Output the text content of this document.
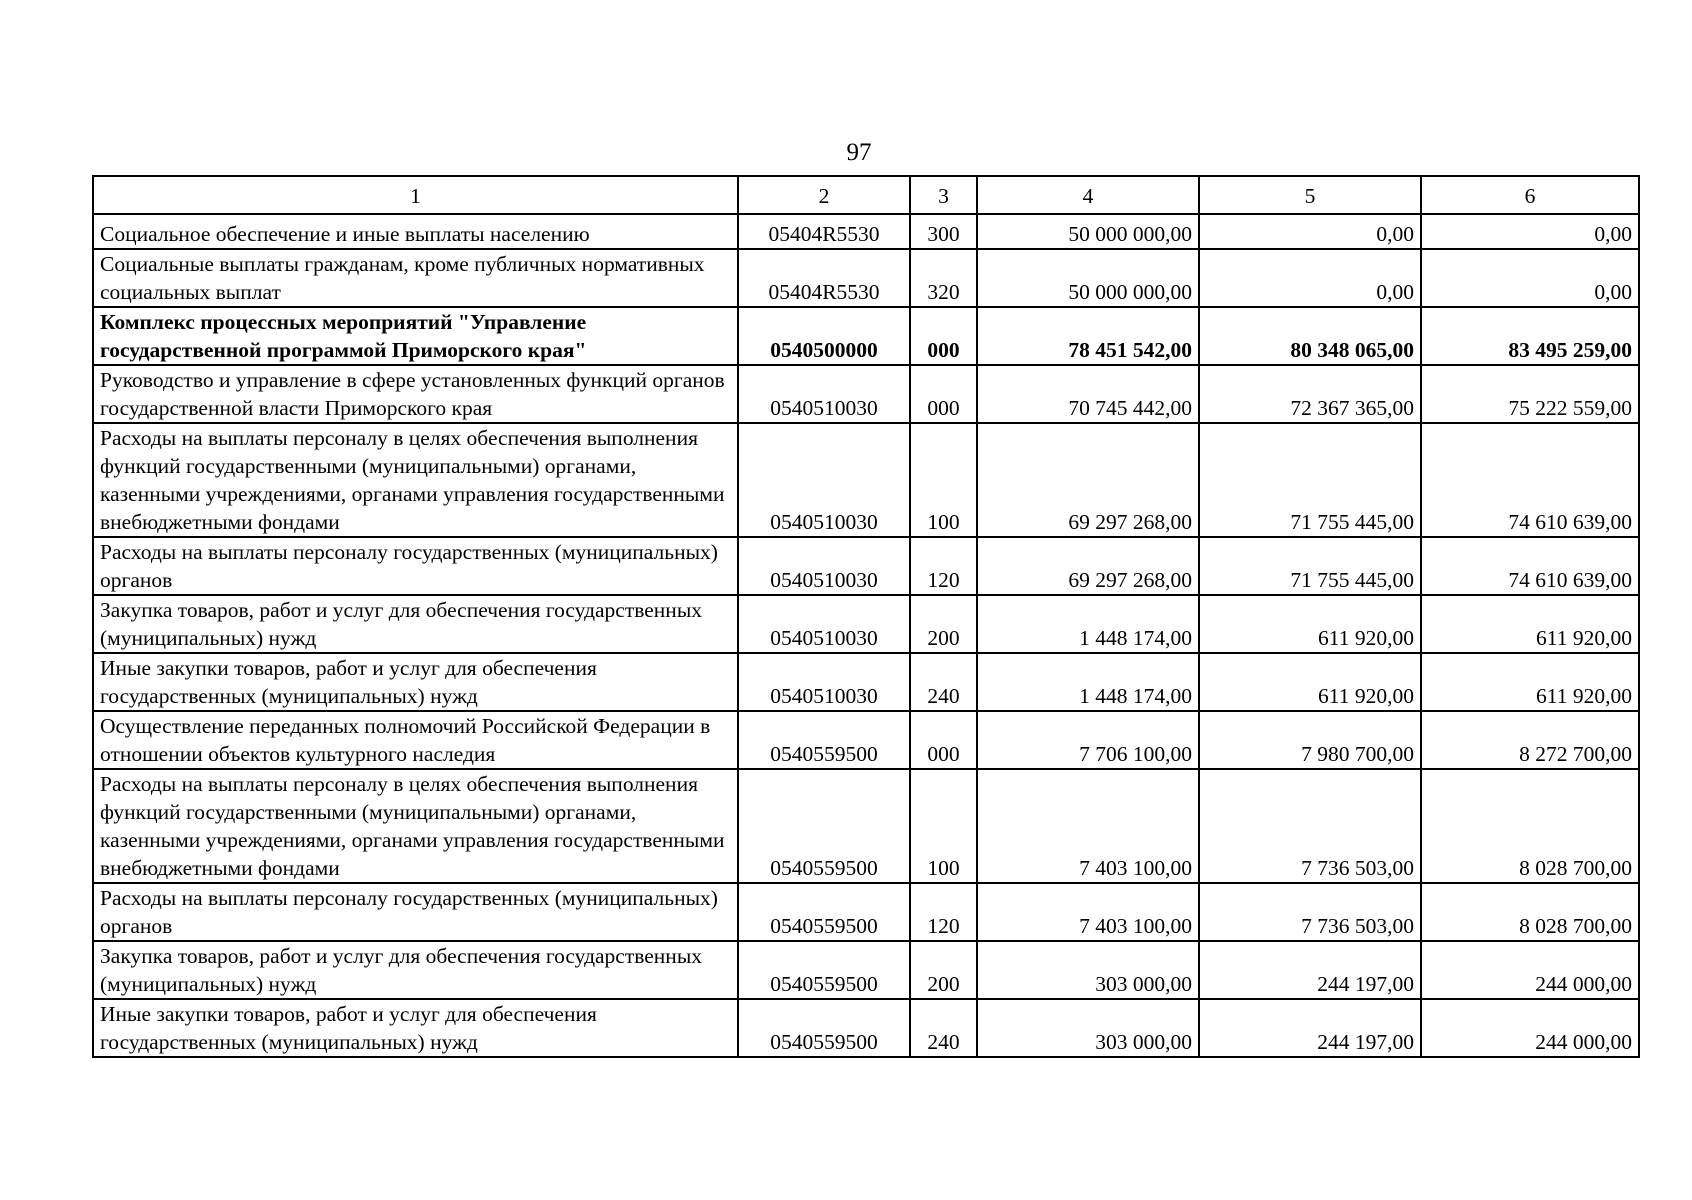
97
1	2	3	4	5	6
Социальное обеспечение и иные выплаты населению	05404R5530	300	50 000 000,00	0,00	0,00
Социальные выплаты гражданам, кроме публичных нормативных социальных выплат	05404R5530	320	50 000 000,00	0,00	0,00
Комплекс процессных мероприятий "Управление государственной программой Приморского края"	0540500000	000	78 451 542,00	80 348 065,00	83 495 259,00
Руководство и управление в сфере установленных функций органов государственной власти Приморского края	0540510030	000	70 745 442,00	72 367 365,00	75 222 559,00
Расходы на выплаты персоналу в целях обеспечения выполнения функций государственными (муниципальными) органами, казенными учреждениями, органами управления государственными внебюджетными фондами	0540510030	100	69 297 268,00	71 755 445,00	74 610 639,00
Расходы на выплаты персоналу государственных (муниципальных) органов	0540510030	120	69 297 268,00	71 755 445,00	74 610 639,00
Закупка товаров, работ и услуг для обеспечения государственных (муниципальных) нужд	0540510030	200	1 448 174,00	611 920,00	611 920,00
Иные закупки товаров, работ и услуг для обеспечения государственных (муниципальных) нужд	0540510030	240	1 448 174,00	611 920,00	611 920,00
Осуществление переданных полномочий Российской Федерации в отношении объектов культурного наследия	0540559500	000	7 706 100,00	7 980 700,00	8 272 700,00
Расходы на выплаты персоналу в целях обеспечения выполнения функций государственными (муниципальными) органами, казенными учреждениями, органами управления государственными внебюджетными фондами	0540559500	100	7 403 100,00	7 736 503,00	8 028 700,00
Расходы на выплаты персоналу государственных (муниципальных) органов	0540559500	120	7 403 100,00	7 736 503,00	8 028 700,00
Закупка товаров, работ и услуг для обеспечения государственных (муниципальных) нужд	0540559500	200	303 000,00	244 197,00	244 000,00
Иные закупки товаров, работ и услуг для обеспечения государственных (муниципальных) нужд	0540559500	240	303 000,00	244 197,00	244 000,00
